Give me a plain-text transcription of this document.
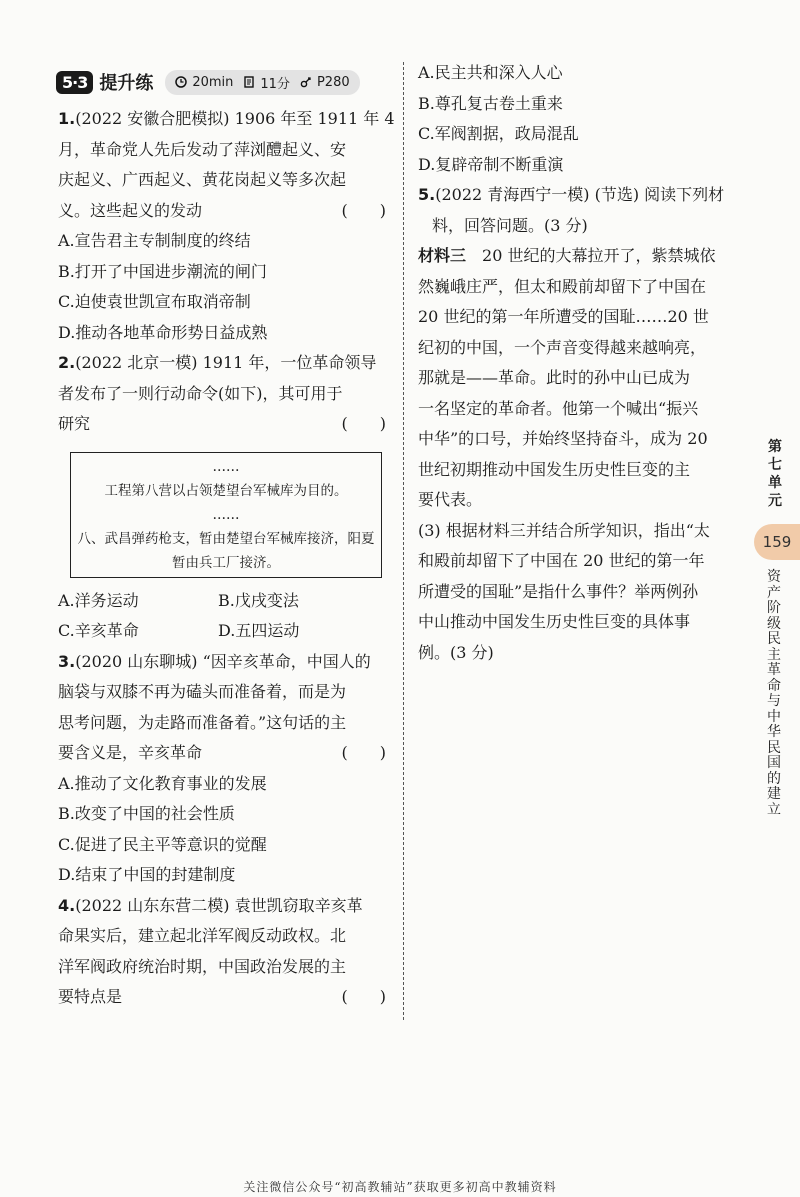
5·3 提升练	20min 11分 P280
1.(2022 安徽合肥模拟) 1906 年至 1911 年 4
月，革命党人先后发动了萍浏醴起义、安
庆起义、广西起义、黄花岗起义等多次起
义。这些起义的发动	(　　)
A.宣告君主专制制度的终结
B.打开了中国进步潮流的闸门
C.迫使袁世凯宣布取消帝制
D.推动各地革命形势日益成熟
2.(2022 北京一模) 1911 年，一位革命领导
者发布了一则行动命令(如下)，其可用于
研究	(　　)
……
工程第八营以占领楚望台军械库为目的。
……
八、武昌弹药枪支，暂由楚望台军械库接济，阳夏
暂由兵工厂接济。
A.洋务运动	B.戊戌变法
C.辛亥革命	D.五四运动
3.(2020 山东聊城) “因辛亥革命，中国人的
脑袋与双膝不再为磕头而准备着，而是为
思考问题，为走路而准备着。”这句话的主
要含义是，辛亥革命	(　　)
A.推动了文化教育事业的发展
B.改变了中国的社会性质
C.促进了民主平等意识的觉醒
D.结束了中国的封建制度
4.(2022 山东东营二模) 袁世凯窃取辛亥革
命果实后，建立起北洋军阀反动政权。北
洋军阀政府统治时期，中国政治发展的主
要特点是	(　　)
A.民主共和深入人心
B.尊孔复古卷土重来
C.军阀割据，政局混乱
D.复辟帝制不断重演
5.(2022 青海西宁一模) (节选) 阅读下列材
料，回答问题。(3 分)
材料三 20 世纪的大幕拉开了，紫禁城依
然巍峨庄严，但太和殿前却留下了中国在
20 世纪的第一年所遭受的国耻……20 世
纪初的中国，一个声音变得越来越响亮，
那就是——革命。此时的孙中山已成为
一名坚定的革命者。他第一个喊出“振兴
中华”的口号，并始终坚持奋斗，成为 20
世纪初期推动中国发生历史性巨变的主
要代表。
(3) 根据材料三并结合所学知识，指出“太
和殿前却留下了中国在 20 世纪的第一年
所遭受的国耻”是指什么事件？举两例孙
中山推动中国发生历史性巨变的具体事
例。(3 分)
第
七
单
元
159
资
产
阶
级
民
主
革
命
与
中
华
民
国
的
建
立
关注微信公众号“初高教辅站”获取更多初高中教辅资料
